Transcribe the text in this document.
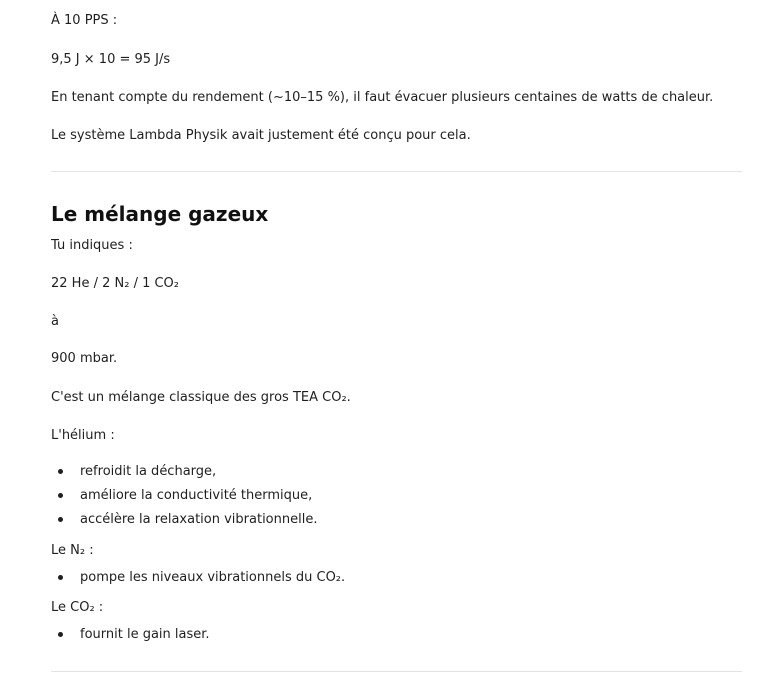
À 10 PPS :

9,5 J × 10 = 95 J/s

En tenant compte du rendement (~10–15 %), il faut évacuer plusieurs centaines de watts de chaleur.

Le système Lambda Physik avait justement été conçu pour cela.

Le mélange gazeux

Tu indiques :

22 He / 2 N₂ / 1 CO₂

à

900 mbar.

C'est un mélange classique des gros TEA CO₂.

L'hélium :

refroidit la décharge,
améliore la conductivité thermique,
accélère la relaxation vibrationnelle.

Le N₂ :

pompe les niveaux vibrationnels du CO₂.

Le CO₂ :

fournit le gain laser.
